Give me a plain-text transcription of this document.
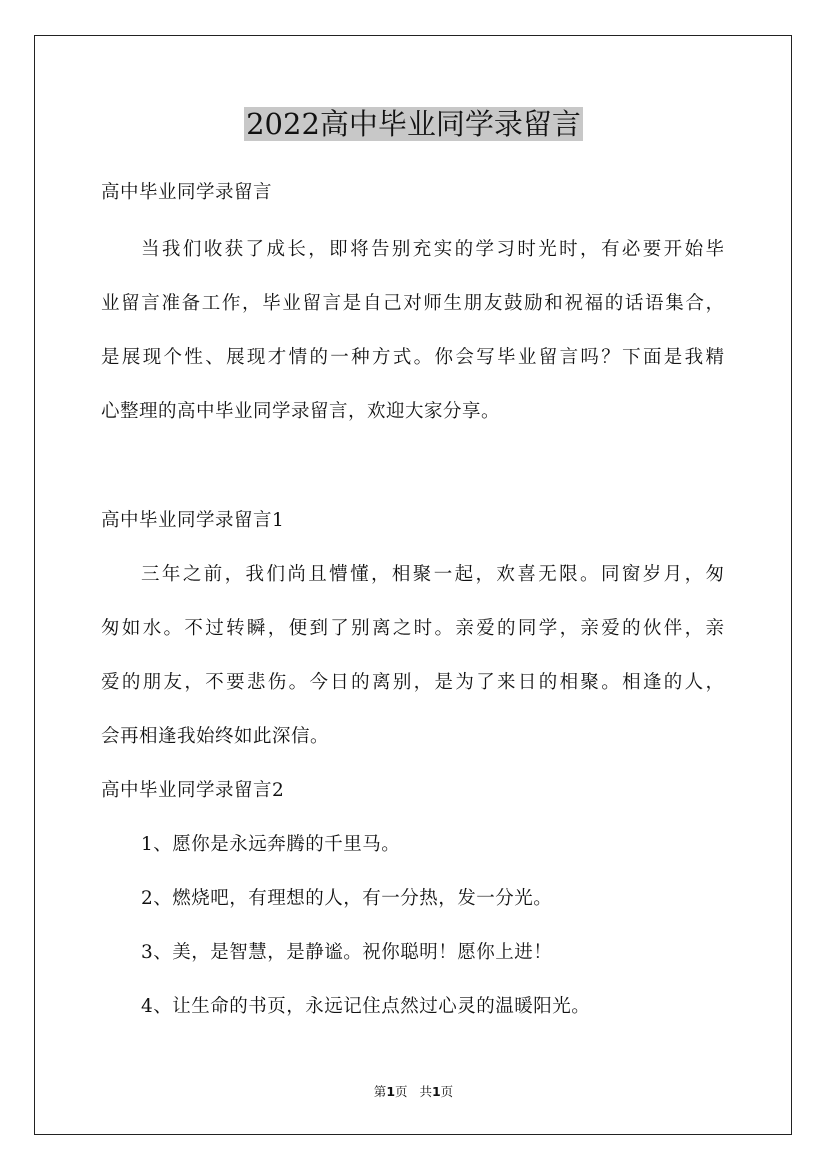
2022高中毕业同学录留言
高中毕业同学录留言
当我们收获了成长，即将告别充实的学习时光时，有必要开始毕
业留言准备工作，毕业留言是自己对师生朋友鼓励和祝福的话语集合，
是展现个性、展现才情的一种方式。你会写毕业留言吗？下面是我精
心整理的高中毕业同学录留言，欢迎大家分享。
高中毕业同学录留言1
三年之前，我们尚且懵懂，相聚一起，欢喜无限。同窗岁月，匆
匆如水。不过转瞬，便到了别离之时。亲爱的同学，亲爱的伙伴，亲
爱的朋友，不要悲伤。今日的离别，是为了来日的相聚。相逢的人，
会再相逢我始终如此深信。
高中毕业同学录留言2
1、愿你是永远奔腾的千里马。
2、燃烧吧，有理想的人，有一分热，发一分光。
3、美，是智慧，是静谧。祝你聪明！愿你上进！
4、让生命的书页，永远记住点然过心灵的温暖阳光。
第1页 共1页
